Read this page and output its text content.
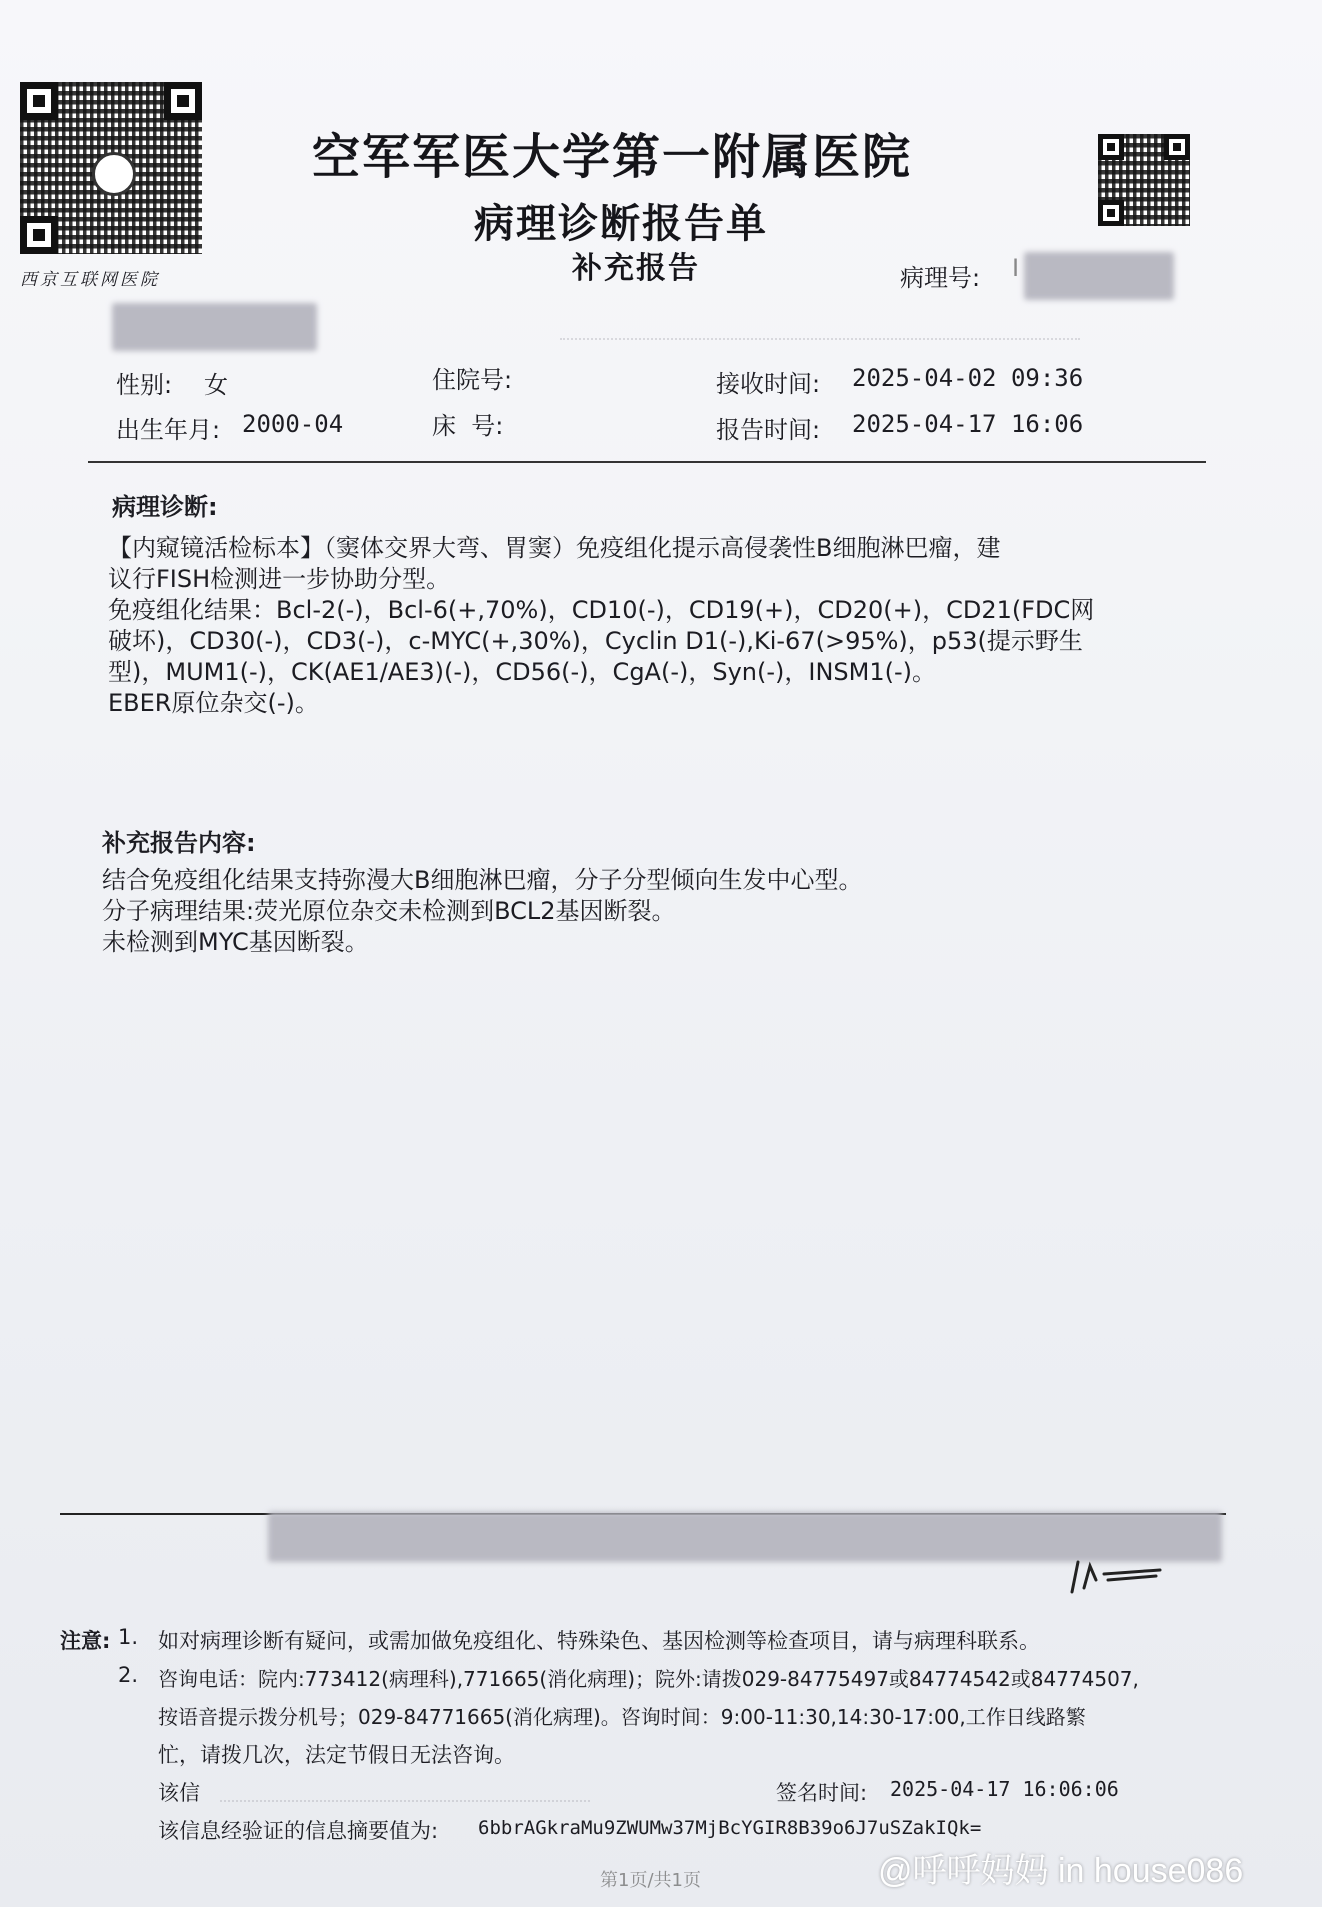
西京互联网医院
空军军医大学第一附属医院
病理诊断报告单
补充报告	病理号: I
性别: 女	住院号:	接收时间: 2025-04-02 09:36
出生年月: 2000-04	床  号:	报告时间: 2025-04-17 16:06
病理诊断:
【内窥镜活检标本】（窦体交界大弯、胃窦）免疫组化提示高侵袭性B细胞淋巴瘤，建
议行FISH检测进一步协助分型。
免疫组化结果：Bcl-2(-)，Bcl-6(+,70%)，CD10(-)，CD19(+)，CD20(+)，CD21(FDC网
破坏)，CD30(-)，CD3(-)，c-MYC(+,30%)，Cyclin D1(-),Ki-67(>95%)，p53(提示野生
型)，MUM1(-)，CK(AE1/AE3)(-)，CD56(-)，CgA(-)，Syn(-)，INSM1(-)。
EBER原位杂交(-)。
补充报告内容:
结合免疫组化结果支持弥漫大B细胞淋巴瘤，分子分型倾向生发中心型。
分子病理结果:荧光原位杂交未检测到BCL2基因断裂。
未检测到MYC基因断裂。
注意: 1. 如对病理诊断有疑问，或需加做免疫组化、特殊染色、基因检测等检查项目，请与病理科联系。
2. 咨询电话：院内:773412(病理科),771665(消化病理)；院外:请拨029-84775497或84774542或84774507,
按语音提示拨分机号；029-84771665(消化病理)。咨询时间：9:00-11:30,14:30-17:00,工作日线路繁
忙，请拨几次，法定节假日无法咨询。
该信	签名时间: 2025-04-17 16:06:06
该信息经验证的信息摘要值为: 6bbrAGkraMu9ZWUMw37MjBcYGIR8B39o6J7uSZakIQk=
第1页/共1页	@呼呼妈妈 in house086
